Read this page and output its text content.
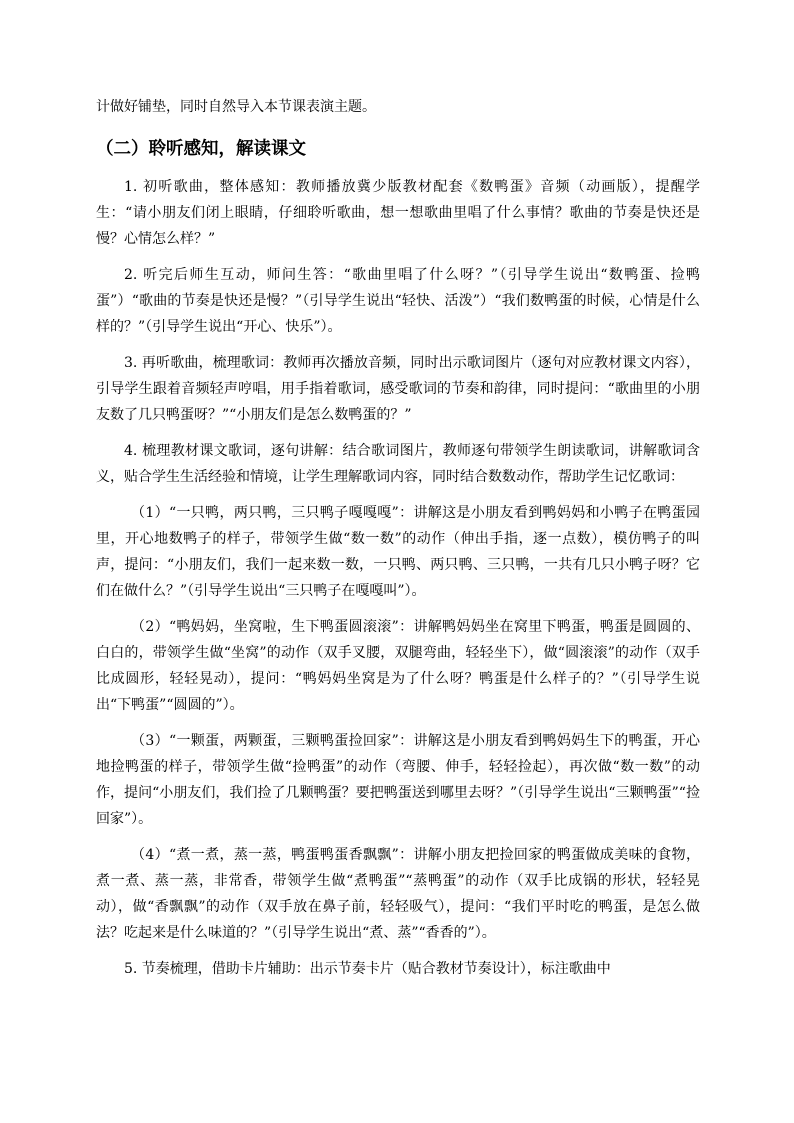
计做好铺垫，同时自然导入本节课表演主题。

（二）聆听感知，解读课文

1. 初听歌曲，整体感知：教师播放冀少版教材配套《数鸭蛋》音频（动画版），提醒学生：“请小朋友们闭上眼睛，仔细聆听歌曲，想一想歌曲里唱了什么事情？歌曲的节奏是快还是慢？心情怎么样？”

2. 听完后师生互动，师问生答：“歌曲里唱了什么呀？”（引导学生说出“数鸭蛋、捡鸭蛋”）“歌曲的节奏是快还是慢？”（引导学生说出“轻快、活泼”）“我们数鸭蛋的时候，心情是什么样的？”（引导学生说出“开心、快乐”）。

3. 再听歌曲，梳理歌词：教师再次播放音频，同时出示歌词图片（逐句对应教材课文内容），引导学生跟着音频轻声哼唱，用手指着歌词，感受歌词的节奏和韵律，同时提问：“歌曲里的小朋友数了几只鸭蛋呀？”“小朋友们是怎么数鸭蛋的？”

4. 梳理教材课文歌词，逐句讲解：结合歌词图片，教师逐句带领学生朗读歌词，讲解歌词含义，贴合学生生活经验和情境，让学生理解歌词内容，同时结合数数动作，帮助学生记忆歌词：

（1）“一只鸭，两只鸭，三只鸭子嘎嘎嘎”：讲解这是小朋友看到鸭妈妈和小鸭子在鸭蛋园里，开心地数鸭子的样子，带领学生做“数一数”的动作（伸出手指，逐一点数），模仿鸭子的叫声，提问：“小朋友们，我们一起来数一数，一只鸭、两只鸭、三只鸭，一共有几只小鸭子呀？它们在做什么？”（引导学生说出“三只鸭子在嘎嘎叫”）。

（2）“鸭妈妈，坐窝啦，生下鸭蛋圆滚滚”：讲解鸭妈妈坐在窝里下鸭蛋，鸭蛋是圆圆的、白白的，带领学生做“坐窝”的动作（双手叉腰，双腿弯曲，轻轻坐下），做“圆滚滚”的动作（双手比成圆形，轻轻晃动），提问：“鸭妈妈坐窝是为了什么呀？鸭蛋是什么样子的？”（引导学生说出“下鸭蛋”“圆圆的”）。

（3）“一颗蛋，两颗蛋，三颗鸭蛋捡回家”：讲解这是小朋友看到鸭妈妈生下的鸭蛋，开心地捡鸭蛋的样子，带领学生做“捡鸭蛋”的动作（弯腰、伸手，轻轻捡起），再次做“数一数”的动作，提问“小朋友们，我们捡了几颗鸭蛋？要把鸭蛋送到哪里去呀？”（引导学生说出“三颗鸭蛋”“捡回家”）。

（4）“煮一煮，蒸一蒸，鸭蛋鸭蛋香飘飘”：讲解小朋友把捡回家的鸭蛋做成美味的食物，煮一煮、蒸一蒸，非常香，带领学生做“煮鸭蛋”“蒸鸭蛋”的动作（双手比成锅的形状，轻轻晃动），做“香飘飘”的动作（双手放在鼻子前，轻轻吸气），提问：“我们平时吃的鸭蛋，是怎么做法？吃起来是什么味道的？”（引导学生说出“煮、蒸”“香香的”）。

5. 节奏梳理，借助卡片辅助：出示节奏卡片（贴合教材节奏设计），标注歌曲中
